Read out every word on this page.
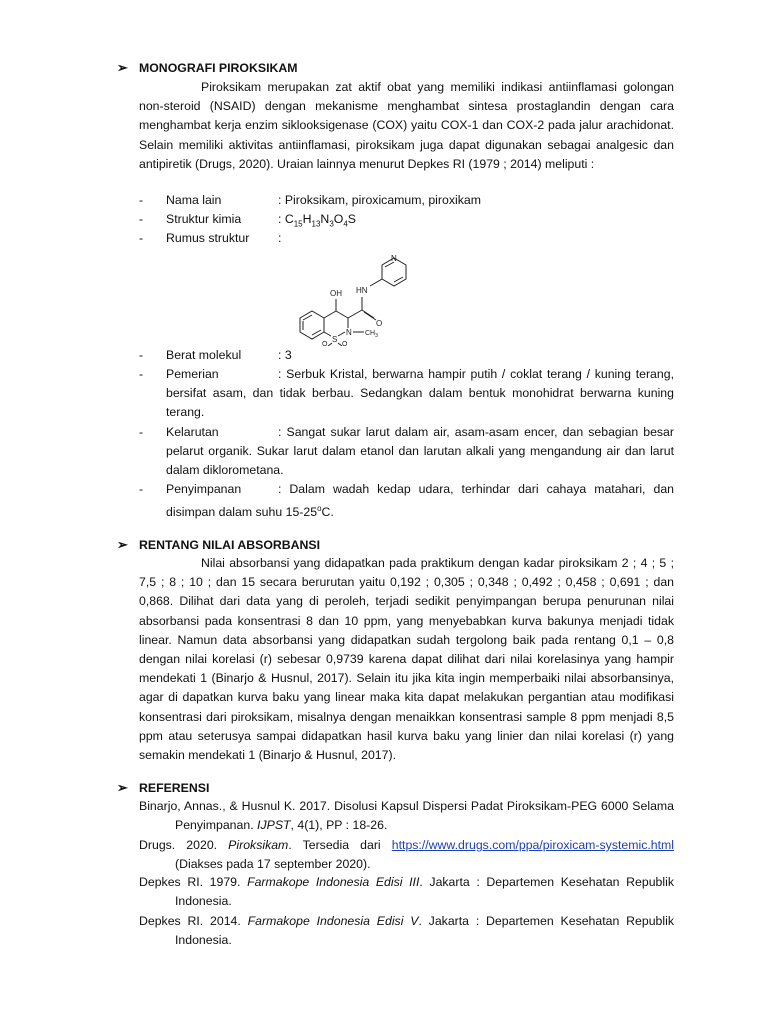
➢ MONOGRAFI PIROKSIKAM
Piroksikam merupakan zat aktif obat yang memiliki indikasi antiinflamasi golongan non-steroid (NSAID) dengan mekanisme menghambat sintesa prostaglandin dengan cara menghambat kerja enzim siklooksigenase (COX) yaitu COX-1 dan COX-2 pada jalur arachidonat. Selain memiliki aktivitas antiinflamasi, piroksikam juga dapat digunakan sebagai analgesic dan antipiretik (Drugs, 2020). Uraian lainnya menurut Depkes RI (1979 ; 2014) meliputi :
- Nama lain	: Piroksikam, piroxicamum, piroxikam
- Struktur kimia	: $C_{15}H_{13}N_3O_4S$
- Rumus struktur :
OH HN
N
O
N
S
$CH_3$
O O
- Berat molekul	: 3
- Pemerian	: Serbuk Kristal, berwarna hampir putih / coklat terang / kuning terang, bersifat asam, dan tidak berbau. Sedangkan dalam bentuk monohidrat berwarna kuning terang.
- Kelarutan	: Sangat sukar larut dalam air, asam-asam encer, dan sebagian besar pelarut organik. Sukar larut dalam etanol dan larutan alkali yang mengandung air dan larut dalam diklorometana.
- Penyimpanan	: Dalam wadah kedap udara, terhindar dari cahaya matahari, dan disimpan dalam suhu 15-25$^o$C.
➢ RENTANG NILAI ABSORBANSI
Nilai absorbansi yang didapatkan pada praktikum dengan kadar piroksikam 2 ; 4 ; 5 ; 7,5 ; 8 ; 10 ; dan 15 secara berurutan yaitu 0,192 ; 0,305 ; 0,348 ; 0,492 ; 0,458 ; 0,691 ; dan 0,868. Dilihat dari data yang di peroleh, terjadi sedikit penyimpangan berupa penurunan nilai absorbansi pada konsentrasi 8 dan 10 ppm, yang menyebabkan kurva bakunya menjadi tidak linear. Namun data absorbansi yang didapatkan sudah tergolong baik pada rentang 0,1 – 0,8 dengan nilai korelasi (r) sebesar 0,9739 karena dapat dilihat dari nilai korelasinya yang hampir mendekati 1 (Binarjo & Husnul, 2017). Selain itu jika kita ingin memperbaiki nilai absorbansinya, agar di dapatkan kurva baku yang linear maka kita dapat melakukan pergantian atau modifikasi konsentrasi dari piroksikam, misalnya dengan menaikkan konsentrasi sample 8 ppm menjadi 8,5 ppm atau seterusya sampai didapatkan hasil kurva baku yang linier dan nilai korelasi (r) yang semakin mendekati 1 (Binarjo & Husnul, 2017).
➢ REFERENSI
Binarjo, Annas., & Husnul K. 2017. Disolusi Kapsul Dispersi Padat Piroksikam-PEG 6000 Selama Penyimpanan. IJPST, 4(1), PP : 18-26.
Drugs. 2020. Piroksikam. Tersedia dari https://www.drugs.com/ppa/piroxicam-systemic.html (Diakses pada 17 september 2020).
Depkes RI. 1979. Farmakope Indonesia Edisi III. Jakarta : Departemen Kesehatan Republik Indonesia.
Depkes RI. 2014. Farmakope Indonesia Edisi V. Jakarta : Departemen Kesehatan Republik Indonesia.
